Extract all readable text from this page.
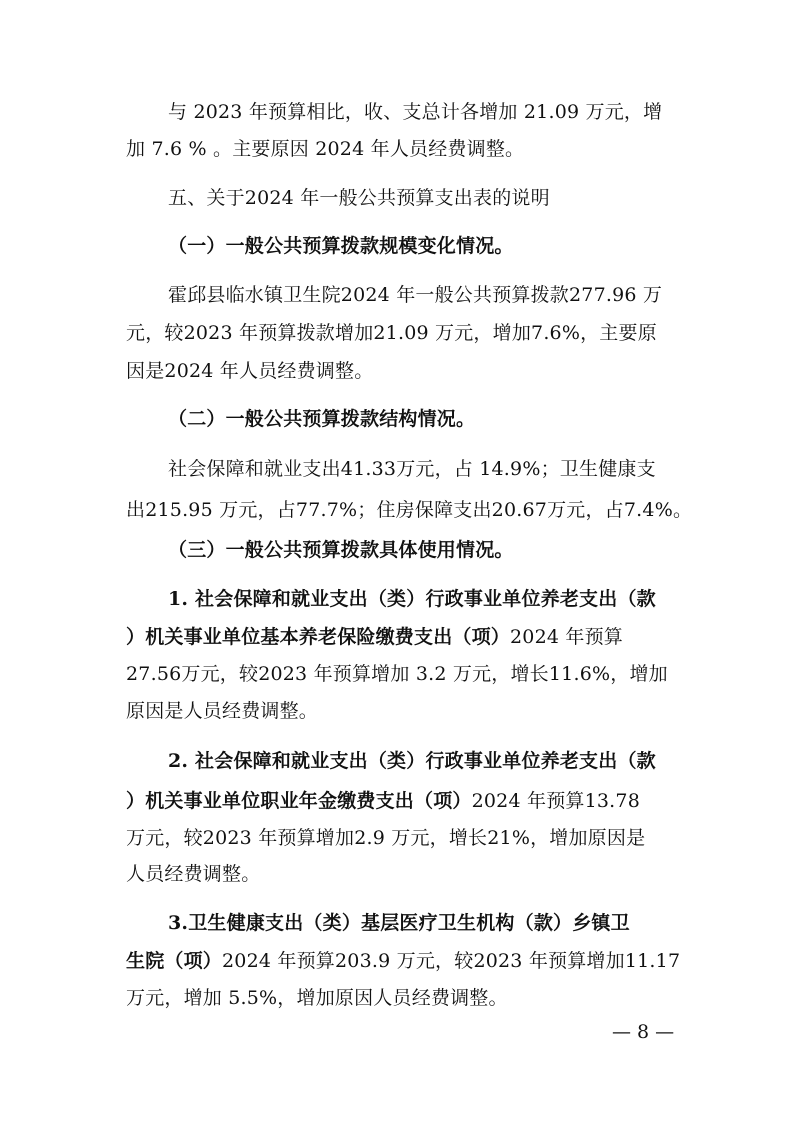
与 2023 年预算相比，收、支总计各增加 21.09 万元，增
加 7.6 % 。主要原因 2024 年人员经费调整。
五、关于2024 年一般公共预算支出表的说明
（一）一般公共预算拨款规模变化情况。
霍邱县临水镇卫生院2024 年一般公共预算拨款277.96 万
元，较2023 年预算拨款增加21.09 万元，增加7.6%，主要原
因是2024 年人员经费调整。
（二）一般公共预算拨款结构情况。
社会保障和就业支出41.33万元，占 14.9%；卫生健康支
出215.95 万元，占77.7%；住房保障支出20.67万元，占7.4%。
（三）一般公共预算拨款具体使用情况。
1. 社会保障和就业支出（类）行政事业单位养老支出（款
）机关事业单位基本养老保险缴费支出（项）2024 年预算
27.56万元，较2023 年预算增加 3.2 万元，增长11.6%，增加
原因是人员经费调整。
2. 社会保障和就业支出（类）行政事业单位养老支出（款
）机关事业单位职业年金缴费支出（项）2024 年预算13.78
万元，较2023 年预算增加2.9 万元，增长21%，增加原因是
人员经费调整。
3.卫生健康支出（类）基层医疗卫生机构（款）乡镇卫
生院（项）2024 年预算203.9 万元，较2023 年预算增加11.17
万元，增加 5.5%，增加原因人员经费调整。
— 8 —
